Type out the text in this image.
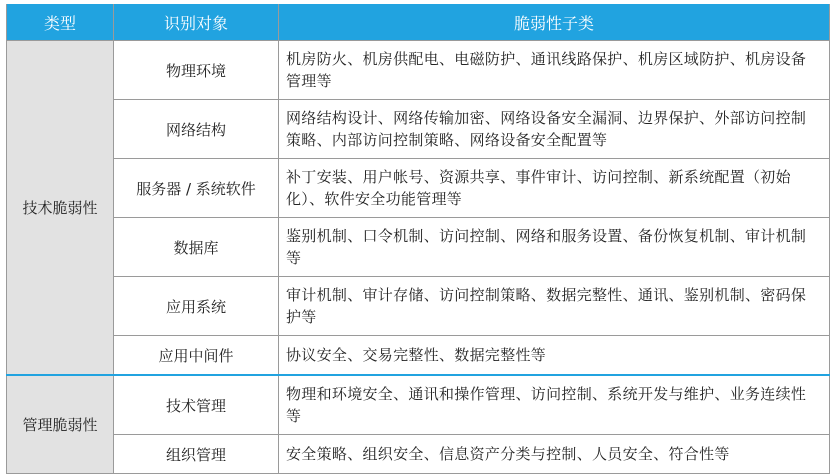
类型	识别对象	脆弱性子类
技术脆弱性	物理环境	机房防火、机房供配电、电磁防护、通讯线路保护、机房区域防护、机房设备管理等
	网络结构	网络结构设计、网络传输加密、网络设备安全漏洞、边界保护、外部访问控制策略、内部访问控制策略、网络设备安全配置等
	服务器 / 系统软件	补丁安装、用户帐号、资源共享、事件审计、访问控制、新系统配置（初始化）、软件安全功能管理等
	数据库	鉴别机制、口令机制、访问控制、网络和服务设置、备份恢复机制、审计机制等
	应用系统	审计机制、审计存储、访问控制策略、数据完整性、通讯、鉴别机制、密码保护等
	应用中间件	协议安全、交易完整性、数据完整性等
管理脆弱性	技术管理	物理和环境安全、通讯和操作管理、访问控制、系统开发与维护、业务连续性等
	组织管理	安全策略、组织安全、信息资产分类与控制、人员安全、符合性等
